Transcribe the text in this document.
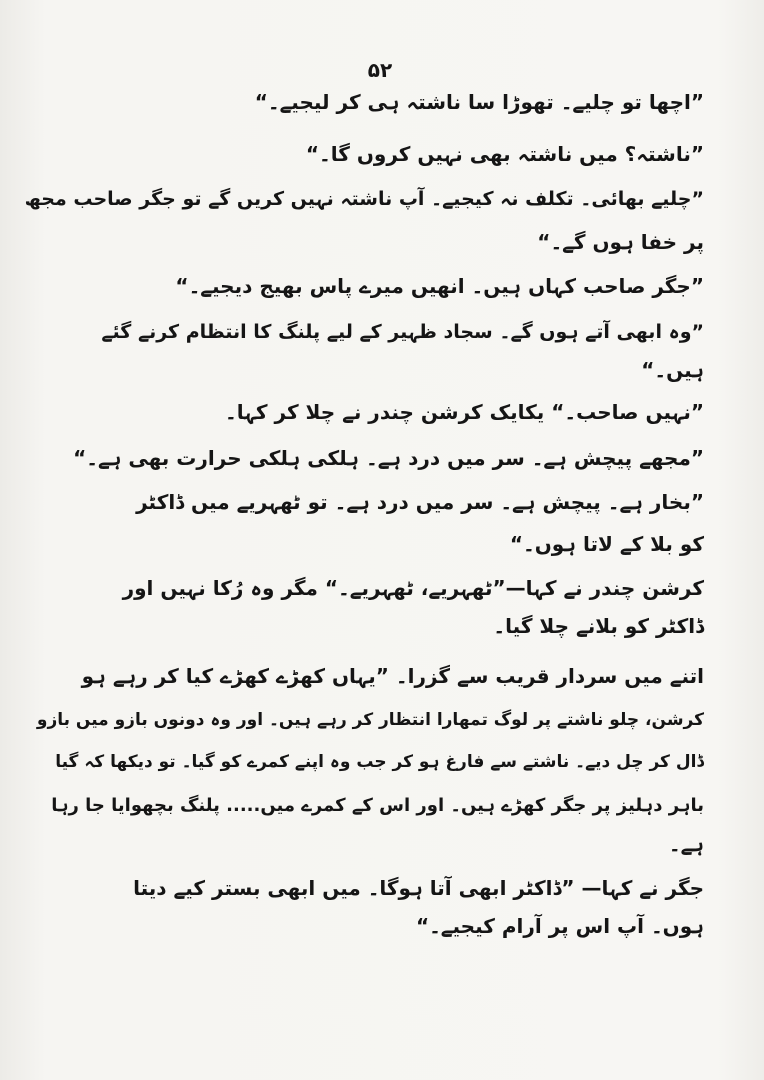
۵۲
”اچھا تو چلیے۔ تھوڑا سا ناشتہ ہی کر لیجیے۔“
”ناشتہ؟ میں ناشتہ بھی نہیں کروں گا۔“
”چلیے بھائی۔ تکلف نہ کیجیے۔ آپ ناشتہ نہیں کریں گے تو جگر صاحب مجھ
پر خفا ہوں گے۔“
”جگر صاحب کہاں ہیں۔ انھیں میرے پاس بھیج دیجیے۔“
”وہ ابھی آتے ہوں گے۔ سجاد ظہیر کے لیے پلنگ کا انتظام کرنے گئے
ہیں۔“
”نہیں صاحب۔“ یکایک کرشن چندر نے چلا کر کہا۔
”مجھے پیچش ہے۔ سر میں درد ہے۔ ہلکی ہلکی حرارت بھی ہے۔“
”بخار ہے۔ پیچش ہے۔ سر میں درد ہے۔ تو ٹھہریے میں ڈاکٹر
کو بلا کے لاتا ہوں۔“
کرشن چندر نے کہا—”ٹھہریے، ٹھہریے۔“ مگر وہ رُکا نہیں اور
ڈاکٹر کو بلانے چلا گیا۔
اتنے میں سردار قریب سے گزرا۔ ”یہاں کھڑے کھڑے کیا کر رہے ہو
کرشن، چلو ناشتے پر لوگ تمھارا انتظار کر رہے ہیں۔ اور وہ دونوں بازو میں بازو
ڈال کر چل دیے۔ ناشتے سے فارغ ہو کر جب وہ اپنے کمرے کو گیا۔ تو دیکھا کہ گیا
باہر دہلیز پر جگر کھڑے ہیں۔ اور اس کے کمرے میں..... پلنگ بچھوایا جا رہا
ہے۔
جگر نے کہا— ”ڈاکٹر ابھی آتا ہوگا۔ میں ابھی بستر کیے دیتا
ہوں۔ آپ اس پر آرام کیجیے۔“
